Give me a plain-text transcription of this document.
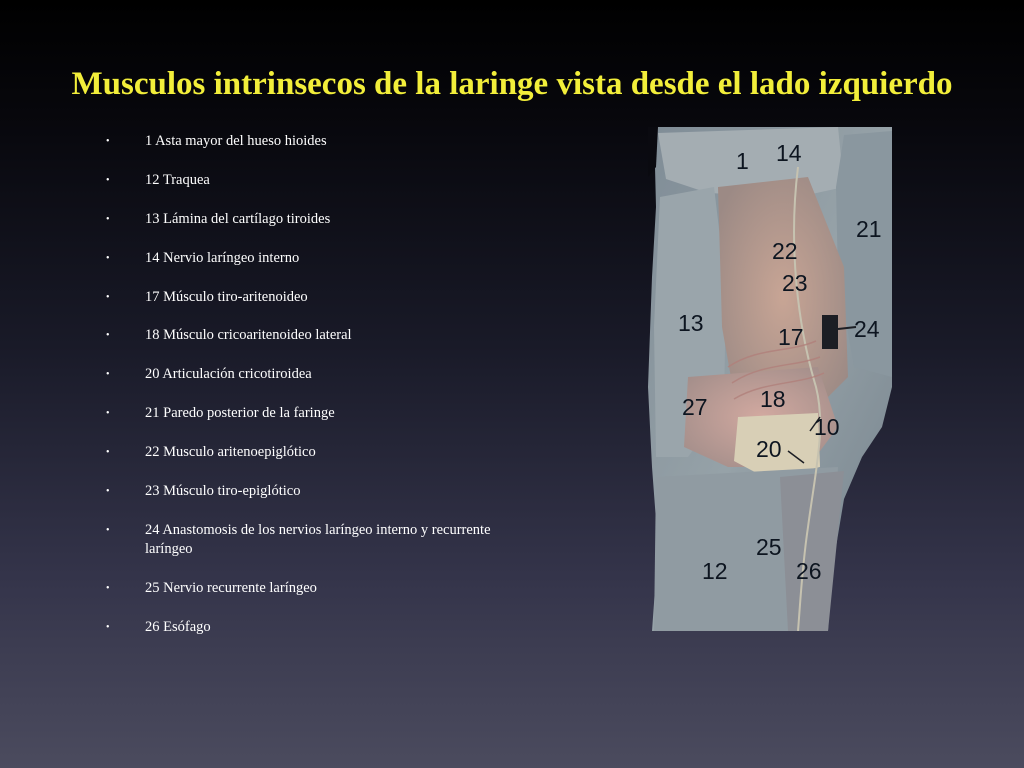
Musculos intrinsecos de la laringe vista desde el lado izquierdo
• 1 Asta mayor del hueso hioides
• 12 Traquea
• 13 Lámina del cartílago tiroides
• 14 Nervio laríngeo interno
• 17 Músculo tiro-aritenoideo
• 18 Músculo cricoaritenoideo lateral
• 20 Articulación cricotiroidea
• 21 Paredo posterior de la faringe
• 22 Musculo aritenoepiglótico
• 23 Músculo tiro-epiglótico
• 24 Anastomosis de los nervios laríngeo interno y recurrente laríngeo
• 25 Nervio recurrente laríngeo
• 26 Esófago
1 14
21
22
23
13
17 24
27 18
10
20
25
12	26
